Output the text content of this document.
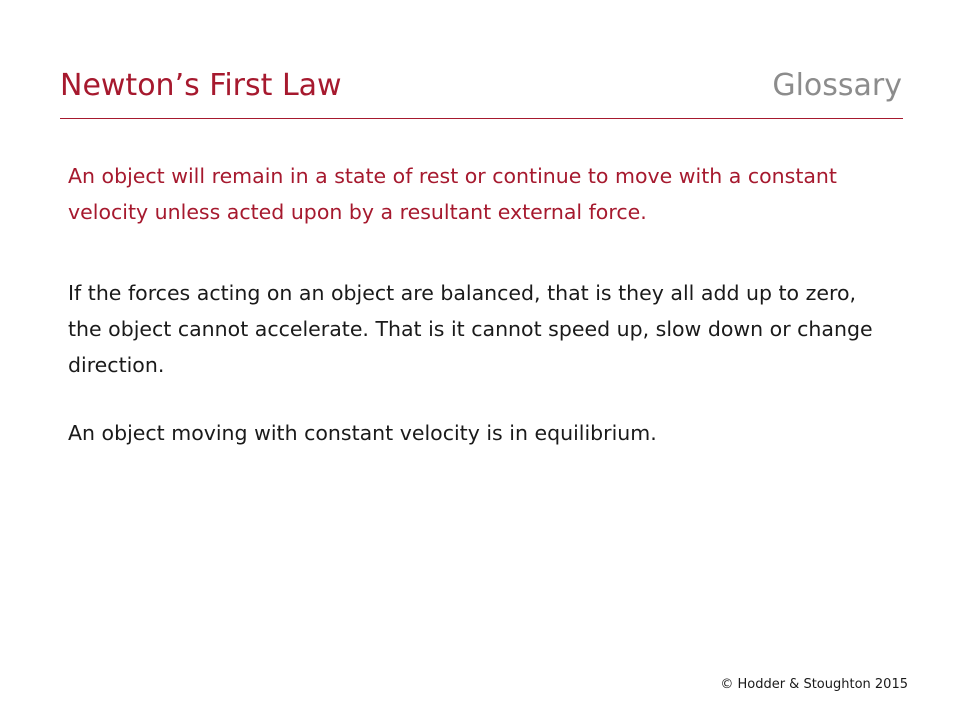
Newton’s First Law	Glossary

An object will remain in a state of rest or continue to move with a constant velocity unless acted upon by a resultant external force.

If the forces acting on an object are balanced, that is they all add up to zero, the object cannot accelerate. That is it cannot speed up, slow down or change direction.

An object moving with constant velocity is in equilibrium.

© Hodder & Stoughton 2015
